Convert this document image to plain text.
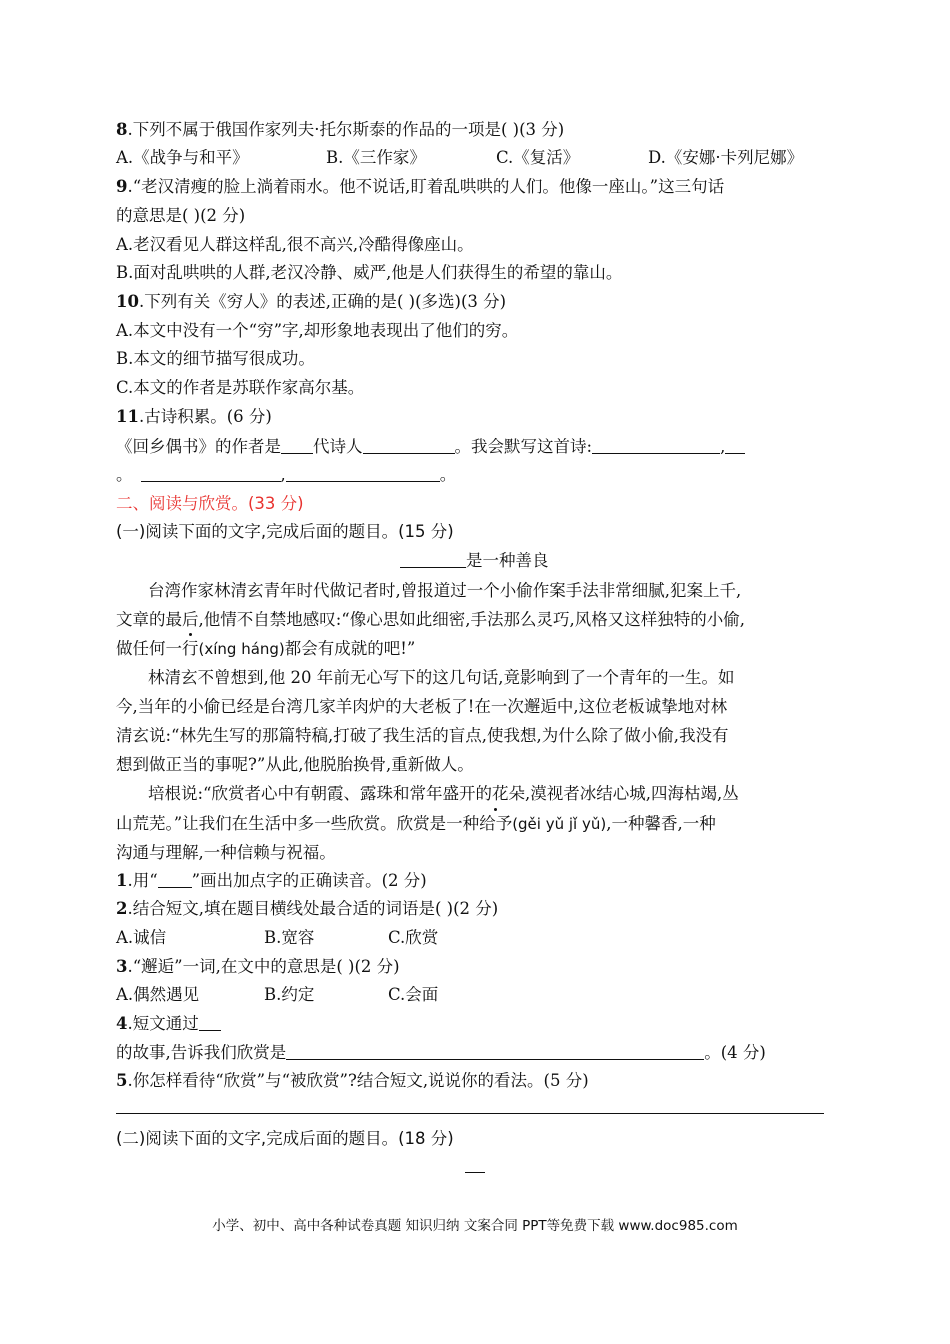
8.下列不属于俄国作家列夫·托尔斯泰的作品的一项是( )(3 分)
A.《战争与和平》	B.《三作家》	C.《复活》	D.《安娜·卡列尼娜》
9.“老汉清瘦的脸上淌着雨水。他不说话,盯着乱哄哄的人们。他像一座山。”这三句话
的意思是( )(2 分)
A.老汉看见人群这样乱,很不高兴,冷酷得像座山。
B.面对乱哄哄的人群,老汉冷静、威严,他是人们获得生的希望的靠山。
10.下列有关《穷人》的表述,正确的是( )(多选)(3 分)
A.本文中没有一个“穷”字,却形象地表现出了他们的穷。
B.本文的细节描写很成功。
C.本文的作者是苏联作家高尔基。
11.古诗积累。(6 分)
《回乡偶书》的作者是 代诗人	。我会默写这首诗:	,
。	,	。
二、阅读与欣赏。(33 分)
(一)阅读下面的文字,完成后面的题目。(15 分)
是一种善良
台湾作家林清玄青年时代做记者时,曾报道过一个小偷作案手法非常细腻,犯案上千,
文章的最后,他情不自禁地感叹:“像心思如此细密,手法那么灵巧,风格又这样独特的小偷,
做任何一行(xíng háng)都会有成就的吧!”
林清玄不曾想到,他 20 年前无心写下的这几句话,竟影响到了一个青年的一生。如
今,当年的小偷已经是台湾几家羊肉炉的大老板了!在一次邂逅中,这位老板诚挚地对林
清玄说:“林先生写的那篇特稿,打破了我生活的盲点,使我想,为什么除了做小偷,我没有
想到做正当的事呢?”从此,他脱胎换骨,重新做人。
培根说:“欣赏者心中有朝霞、露珠和常年盛开的花朵,漠视者冰结心城,四海枯竭,丛
山荒芜。”让我们在生活中多一些欣赏。欣赏是一种给予(gěi yǔ jǐ yǔ),一种馨香,一种
沟通与理解,一种信赖与祝福。
1.用“ ”画出加点字的正确读音。(2 分)
2.结合短文,填在题目横线处最合适的词语是( )(2 分)
A.诚信	B.宽容	C.欣赏
3.“邂逅”一词,在文中的意思是( )(2 分)
A.偶然遇见	B.约定	C.会面
4.短文通过
的故事,告诉我们欣赏是	。(4 分)
5.你怎样看待“欣赏”与“被欣赏”?结合短文,说说你的看法。(5 分)
(二)阅读下面的文字,完成后面的题目。(18 分)
小学、初中、高中各种试卷真题 知识归纳 文案合同 PPT等免费下载 www.doc985.com
